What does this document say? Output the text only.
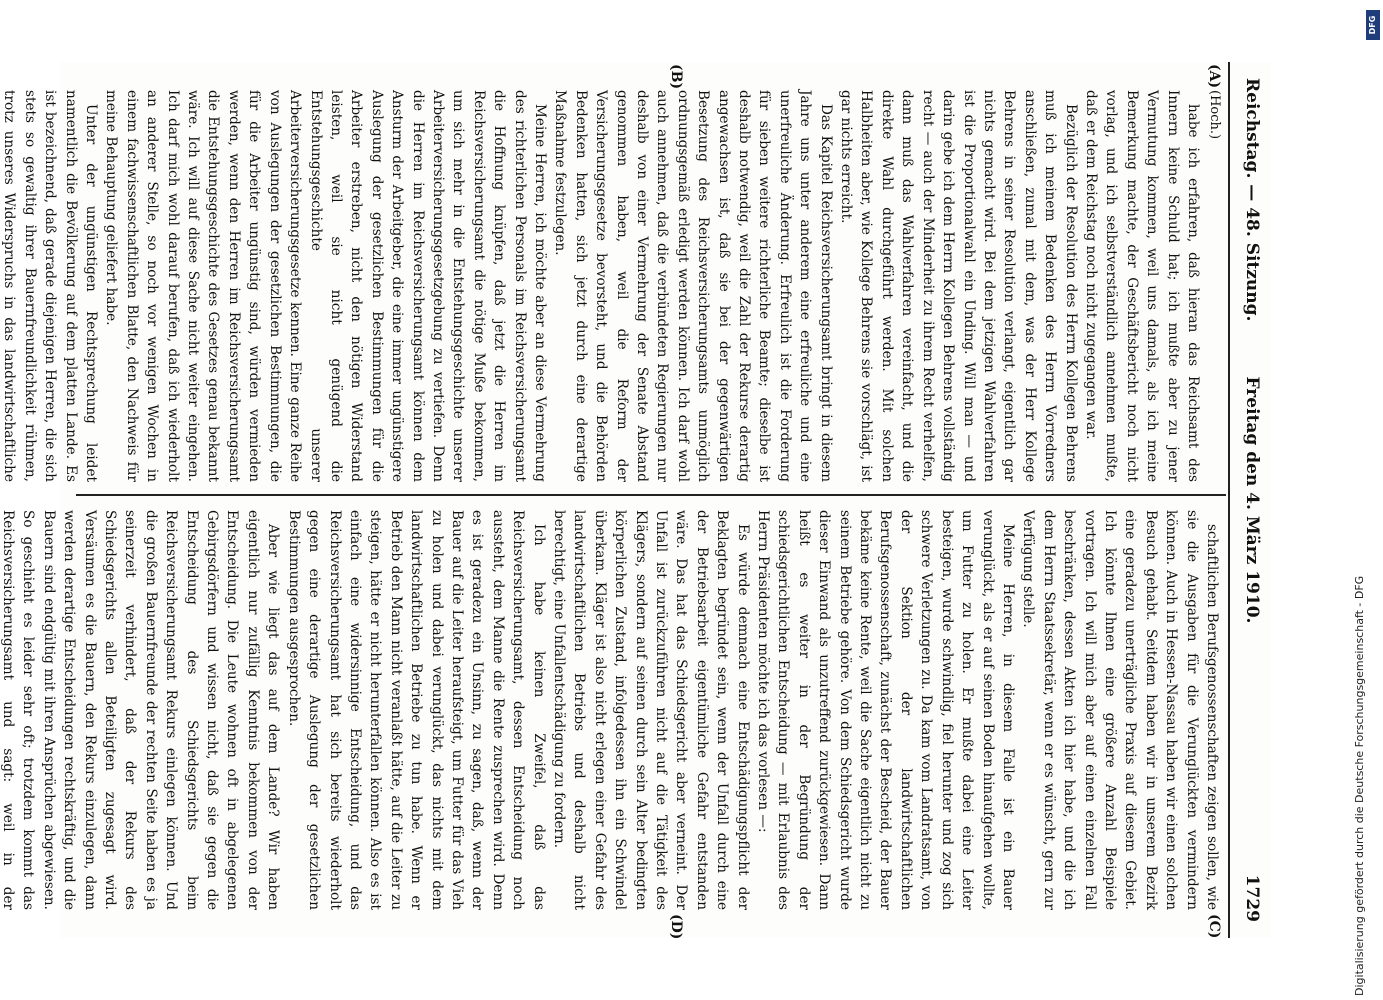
Reichstag. — 48. Sitzung.
Freitag den 4. März 1910.
1729
(A)
(B)
(C)
(D)

(Hoch.)

habe ich erfahren, daß hieran das Reichsamt des Innern keine Schuld hat; ich mußte aber zu jener Vermutung kommen, weil uns damals, als ich meine Bemerkung machte, der Geschäftsbericht noch nicht vorlag, und ich selbstverständlich annehmen mußte, daß er dem Reichstag noch nicht zugegangen war.

Bezüglich der Resolution des Herrn Kollegen Behrens muß ich meinem Bedenken des Herrn Vorredners anschließen, zumal mit dem, was der Herr Kollege Behrens in seiner Resolution verlangt, eigentlich gar nichts gemacht wird. Bei dem jetzigen Wahlverfahren ist die Proportionalwahl ein Unding. Will man — und darin gebe ich dem Herrn Kollegen Behrens vollständig recht — auch der Minderheit zu ihrem Recht verhelfen, dann muß das Wahlverfahren vereinfacht, und die direkte Wahl durchgeführt werden. Mit solchen Halbheiten aber, wie Kollege Behrens sie vorschlägt, ist gar nichts erreicht.

Das Kapitel Reichsversicherungsamt bringt in diesem Jahre uns unter anderem eine erfreuliche und eine unerfreuliche Änderung. Erfreulich ist die Forderung für sieben weitere richterliche Beamte; dieselbe ist deshalb notwendig, weil die Zahl der Rekurse derartig angewachsen ist, daß sie bei der gegenwärtigen Besetzung des Reichsversicherungsamts unmöglich ordnungsgemäß erledigt werden können. Ich darf wohl auch annehmen, daß die verbündeten Regierungen nur deshalb von einer Vermehrung der Senate Abstand genommen haben, weil die Reform der Versicherungsgesetze bevorsteht, und die Behörden Bedenken hatten, sich jetzt durch eine derartige Maßnahme festzulegen.

Meine Herren, ich möchte aber an diese Vermehrung des richterlichen Personals im Reichsversicherungsamt die Hoffnung knüpfen, daß jetzt die Herren im Reichsversicherungsamt die nötige Muße bekommen, um sich mehr in die Entstehungsgeschichte unserer Arbeiterversicherungsgesetzgebung zu vertiefen. Denn die Herren im Reichsversicherungsamt können dem Ansturm der Arbeitgeber, die eine immer ungünstigere Auslegung der gesetzlichen Bestimmungen für die Arbeiter erstreben, nicht den nötigen Widerstand leisten, weil sie nicht genügend die Entstehungsgeschichte unserer Arbeiterversicherungsgesetze kennen. Eine ganze Reihe von Auslegungen der gesetzlichen Bestimmungen, die für die Arbeiter ungünstig sind, würden vermieden werden, wenn den Herren im Reichsversicherungsamt die Entstehungsgeschichte des Gesetzes genau bekannt wäre. Ich will auf diese Sache nicht weiter eingehen. Ich darf mich wohl darauf berufen, daß ich wiederholt an anderer Stelle, so noch vor wenigen Wochen in einem fachwissenschaftlichen Blatte, den Nachweis für meine Behauptung geliefert habe.

Unter der ungünstigen Rechtsprechung leidet namentlich die Bevölkerung auf dem platten Lande. Es ist bezeichnend, daß gerade diejenigen Herren, die sich stets so gewaltig ihrer Bauernfreundlichkeit rühmen, trotz unseres Widerspruchs in das landwirtschaftliche

schaftlichen Berufsgenossenschaften zeigen sollen, wie sie die Ausgaben für die Verunglückten vermindern können. Auch in Hessen-Nassau haben wir einen solchen Besuch gehabt. Seitdem haben wir in unserem Bezirk eine geradezu unerträgliche Praxis auf diesem Gebiet. Ich könnte Ihnen eine größere Anzahl Beispiele vortragen. Ich will mich aber auf einen einzelnen Fall beschränken, dessen Akten ich hier habe, und die ich dem Herrn Staatssekretär, wenn er es wünscht, gern zur Verfügung stelle.

Meine Herren, in diesem Falle ist ein Bauer verunglückt, als er auf seinen Boden hinaufgehen wollte, um Futter zu holen. Er mußte dabei eine Leiter besteigen, wurde schwindlig, fiel herunter und zog sich schwere Verletzungen zu. Da kam vom Landratsamt, von der Sektion der landwirtschaftlichen Berufsgenossenschaft, zunächst der Bescheid, der Bauer bekäme keine Rente, weil die Sache eigentlich nicht zu seinem Betriebe gehöre. Von dem Schiedsgericht wurde dieser Einwand als unzutreffend zurückgewiesen. Dann heißt es weiter in der Begründung der schiedsgerichtlichen Entscheidung — mit Erlaubnis des Herrn Präsidenten möchte ich das vorlesen —:

Es würde demnach eine Entschädigungspflicht der Beklagten begründet sein, wenn der Unfall durch eine der Betriebsarbeit eigentümliche Gefahr entstanden wäre. Das hat das Schiedsgericht aber verneint. Der Unfall ist zurückzuführen nicht auf die Tätigkeit des Klägers, sondern auf seinen durch sein Alter bedingten körperlichen Zustand, infolgedessen ihn ein Schwindel überkam. Kläger ist also nicht erlegen einer Gefahr des landwirtschaftlichen Betriebs und deshalb nicht berechtigt, eine Unfallentschädigung zu fordern.

Ich habe keinen Zweifel, daß das Reichsversicherungsamt, dessen Entscheidung noch aussteht, dem Manne die Rente zusprechen wird. Denn es ist geradezu ein Unsinn, zu sagen, daß, wenn der Bauer auf die Leiter heraufsteigt, um Futter für das Vieh zu holen und dabei verunglückt, das nichts mit dem landwirtschaftlichen Betriebe zu tun habe. Wenn er Betrieb den Mann nicht veranlaßt hätte, auf die Leiter zu steigen, hätte er nicht herunterfallen können. Also es ist einfach eine widersinnige Entscheidung, und das Reichsversicherungsamt hat sich bereits wiederholt gegen eine derartige Auslegung der gesetzlichen Bestimmungen ausgesprochen.

Aber wie liegt das auf dem Lande? Wir haben eigentlich nur zufällig Kenntnis bekommen von der Entscheidung. Die Leute wohnen oft in abgelegenen Gebirgsdörfern und wissen nicht, daß sie gegen die Entscheidung des Schiedsgerichts beim Reichsversicherungsamt Rekurs einlegen können. Und die großen Bauernfreunde der rechten Seite haben es ja seinerzeit verhindert, daß der Rekurs des Schiedsgerichts allen Beteiligten zugesagt wird. Versäumen es die Bauern, den Rekurs einzulegen, dann werden derartige Entscheidungen rechtskräftig, und die Bauern sind endgültig mit ihren Ansprüchen abgewiesen. So geschieht es leider sehr oft; trotzdem kommt das Reichsversicherungsamt und sagt: weil in der	Digitalisierung gefördert durch die Deutsche Forschungsgemeinschaft - DFG
DFG
